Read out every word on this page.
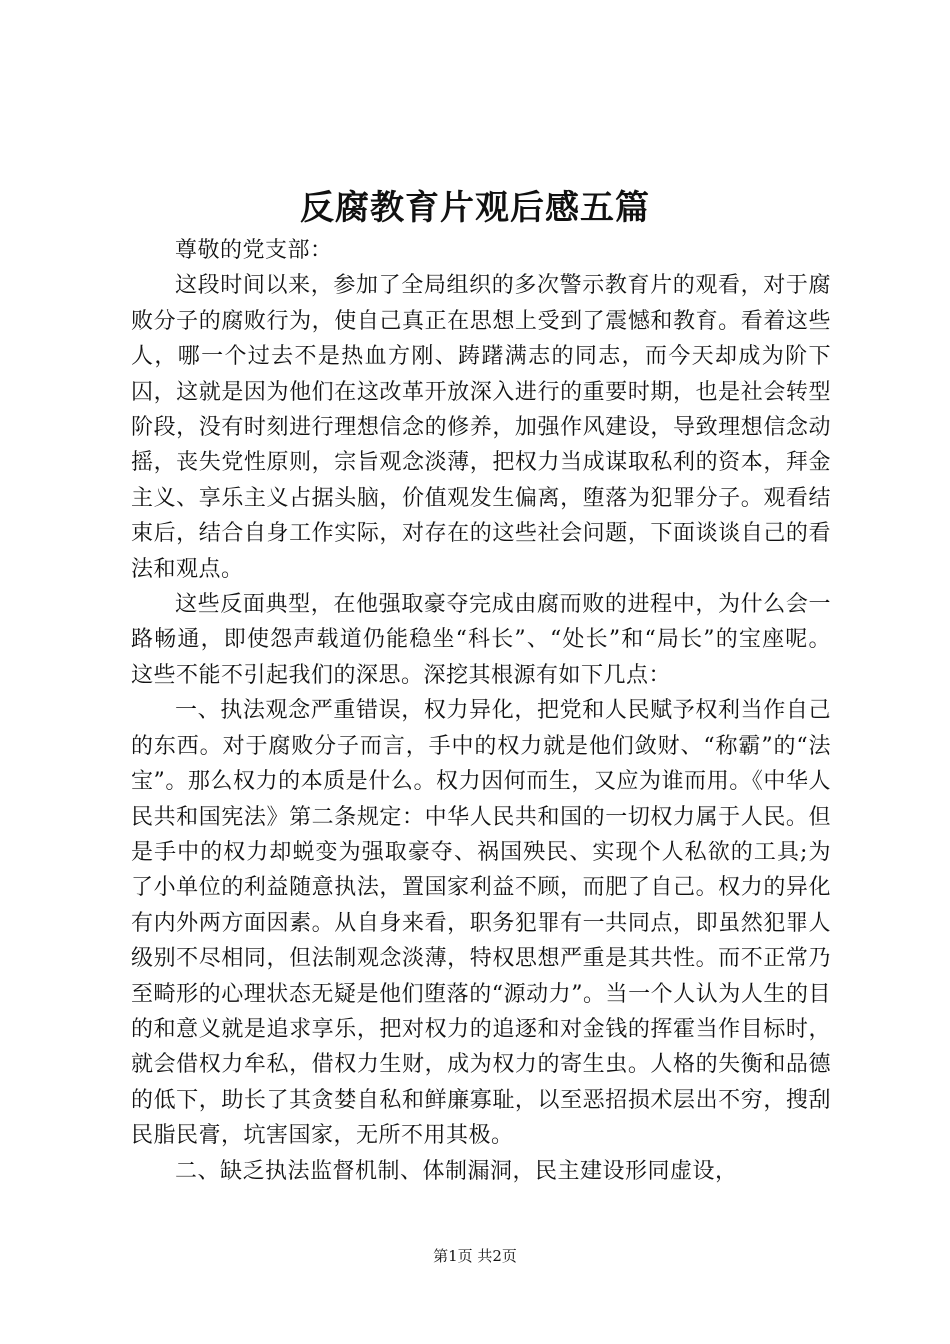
反腐教育片观后感五篇

尊敬的党支部：

这段时间以来，参加了全局组织的多次警示教育片的观看，对于腐败分子的腐败行为，使自己真正在思想上受到了震憾和教育。看着这些人，哪一个过去不是热血方刚、踌躇满志的同志，而今天却成为阶下囚，这就是因为他们在这改革开放深入进行的重要时期，也是社会转型阶段，没有时刻进行理想信念的修养，加强作风建设，导致理想信念动摇，丧失党性原则，宗旨观念淡薄，把权力当成谋取私利的资本，拜金主义、享乐主义占据头脑，价值观发生偏离，堕落为犯罪分子。观看结束后，结合自身工作实际，对存在的这些社会问题，下面谈谈自己的看法和观点。

这些反面典型，在他强取豪夺完成由腐而败的进程中，为什么会一路畅通，即使怨声载道仍能稳坐“科长”、“处长”和“局长”的宝座呢。这些不能不引起我们的深思。深挖其根源有如下几点：

一、执法观念严重错误，权力异化，把党和人民赋予权利当作自己的东西。对于腐败分子而言，手中的权力就是他们敛财、“称霸”的“法宝”。那么权力的本质是什么。权力因何而生，又应为谁而用。《中华人民共和国宪法》第二条规定：中华人民共和国的一切权力属于人民。但是手中的权力却蜕变为强取豪夺、祸国殃民、实现个人私欲的工具;为了小单位的利益随意执法，置国家利益不顾，而肥了自己。权力的异化有内外两方面因素。从自身来看，职务犯罪有一共同点，即虽然犯罪人级别不尽相同，但法制观念淡薄，特权思想严重是其共性。而不正常乃至畸形的心理状态无疑是他们堕落的“源动力”。当一个人认为人生的目的和意义就是追求享乐，把对权力的追逐和对金钱的挥霍当作目标时，就会借权力牟私，借权力生财，成为权力的寄生虫。人格的失衡和品德的低下，助长了其贪婪自私和鲜廉寡耻，以至恶招损术层出不穷，搜刮民脂民膏，坑害国家，无所不用其极。

二、缺乏执法监督机制、体制漏洞，民主建设形同虚设，

第1页 共2页
